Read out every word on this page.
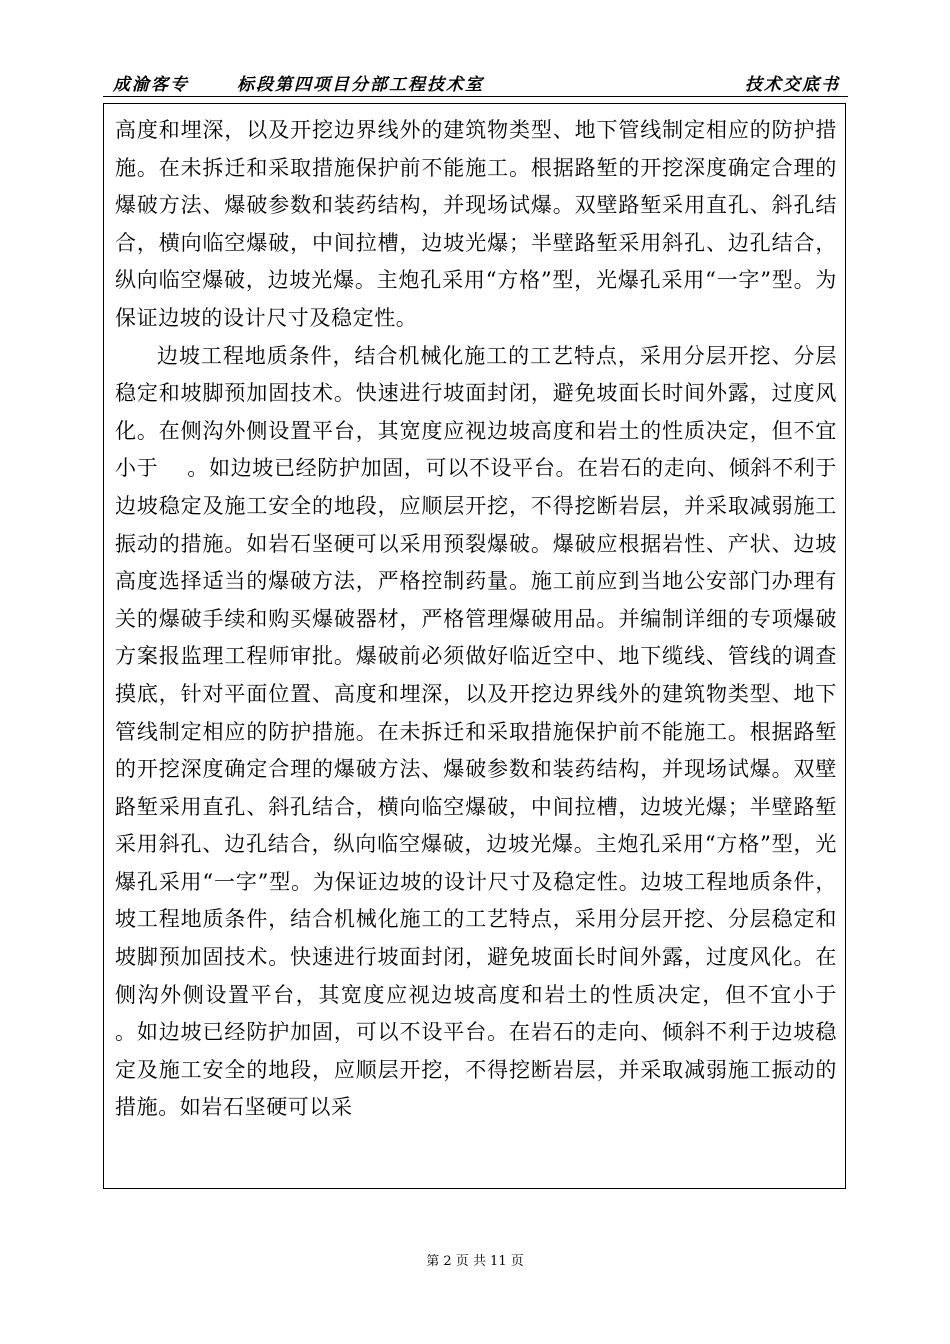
成渝客专	标段第四项目分部工程技术室	技术交底书

高度和埋深，以及开挖边界线外的建筑物类型、地下管线制定相应的防护措施。在未拆迁和采取措施保护前不能施工。根据路堑的开挖深度确定合理的爆破方法、爆破参数和装药结构，并现场试爆。双壁路堑采用直孔、斜孔结合，横向临空爆破，中间拉槽，边坡光爆；半壁路堑采用斜孔、边孔结合，纵向临空爆破，边坡光爆。主炮孔采用“方格”型，光爆孔采用“一字”型。为保证边坡的设计尺寸及稳定性。

边坡工程地质条件，结合机械化施工的工艺特点，采用分层开挖、分层稳定和坡脚预加固技术。快速进行坡面封闭，避免坡面长时间外露，过度风化。在侧沟外侧设置平台，其宽度应视边坡高度和岩土的性质决定，但不宜小于　 。如边坡已经防护加固，可以不设平台。在岩石的走向、倾斜不利于边坡稳定及施工安全的地段，应顺层开挖，不得挖断岩层，并采取减弱施工振动的措施。如岩石坚硬可以采用预裂爆破。爆破应根据岩性、产状、边坡高度选择适当的爆破方法，严格控制药量。施工前应到当地公安部门办理有关的爆破手续和购买爆破器材，严格管理爆破用品。并编制详细的专项爆破方案报监理工程师审批。爆破前必须做好临近空中、地下缆线、管线的调查摸底，针对平面位置、高度和埋深，以及开挖边界线外的建筑物类型、地下管线制定相应的防护措施。在未拆迁和采取措施保护前不能施工。根据路堑的开挖深度确定合理的爆破方法、爆破参数和装药结构，并现场试爆。双壁路堑采用直孔、斜孔结合，横向临空爆破，中间拉槽，边坡光爆；半壁路堑采用斜孔、边孔结合，纵向临空爆破，边坡光爆。主炮孔采用“方格”型，光爆孔采用“一字”型。为保证边坡的设计尺寸及稳定性。边坡工程地质条件，坡工程地质条件，结合机械化施工的工艺特点，采用分层开挖、分层稳定和坡脚预加固技术。快速进行坡面封闭，避免坡面长时间外露，过度风化。在侧沟外侧设置平台，其宽度应视边坡高度和岩土的性质决定，但不宜小于　 。如边坡已经防护加固，可以不设平台。在岩石的走向、倾斜不利于边坡稳定及施工安全的地段，应顺层开挖，不得挖断岩层，并采取减弱施工振动的措施。如岩石坚硬可以采

第 2 页 共 11 页
